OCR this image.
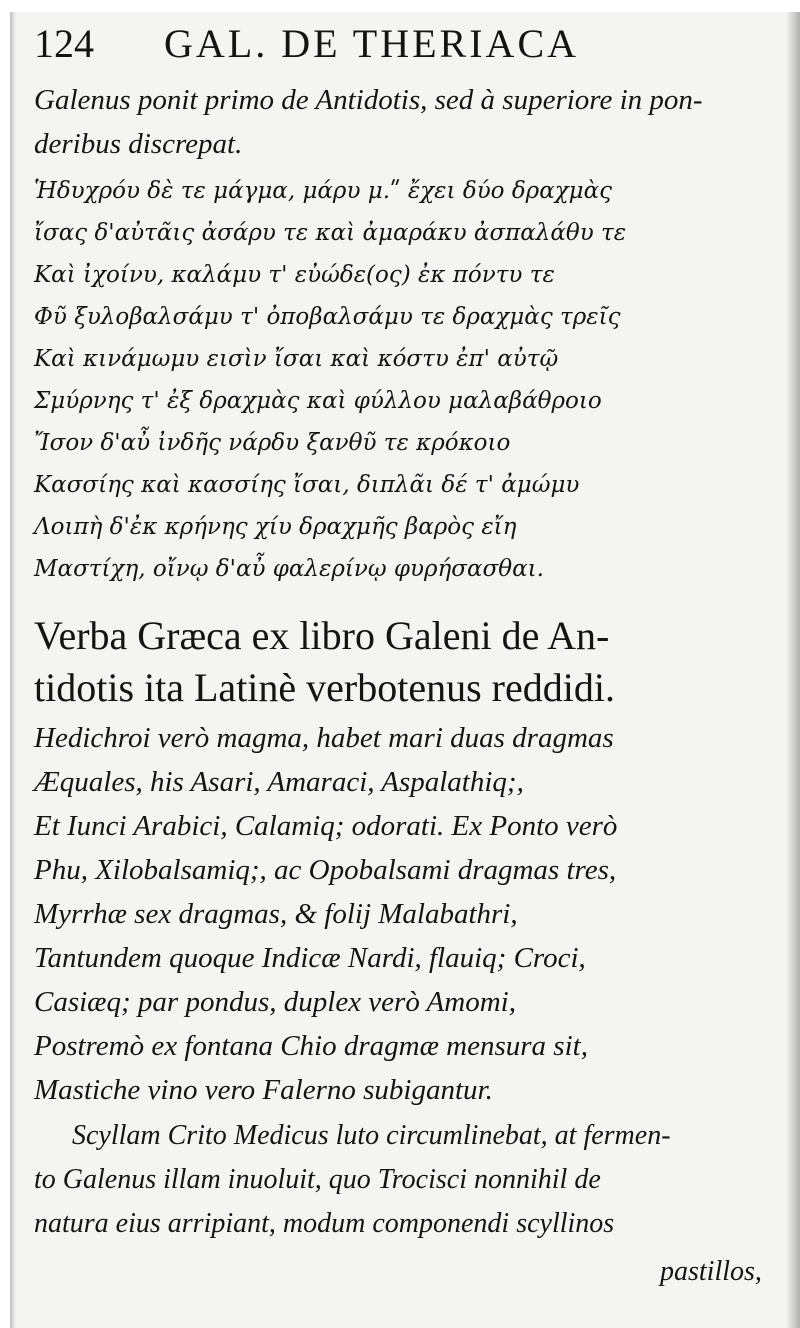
124 GAL. DE THERIACA
Galenus ponit primo de Antidotis, sed à superiore in pon-
deribus discrepat.
Ἡδυχρόυ δὲ τε μάγμα, μάρυ μ.ʺ ἔχει δύο δραχμὰς
ἴσας δ'αὐτᾶις ἀσάρυ τε καὶ ἀμαράκυ ἀσπαλάθυ τε
Καὶ ἰχοίνυ, καλάμυ τ' εὐώδε(ος) ἐκ πόντυ τε
Φῦ ξυλοβαλσάμυ τ' ὀποβαλσάμυ τε δραχμὰς τρεῖς
Καὶ κινάμωμυ εισὶν ἴσαι καὶ κόστυ ἐπ' αὐτῷ
Σμύρνης τ' ἐξ δραχμὰς καὶ φύλλου μαλαβάθροιο
Ἴσον δ'αὖ ἰνδῆς νάρδυ ξανθῦ τε κρόκοιο
Κασσίης καὶ κασσίης ἴσαι, διπλᾶι δέ τ' ἀμώμυ
Λοιπὴ δ'ἐκ κρήνης χίυ δραχμῆς βαρὸς εἴη
Μαστίχη, οἴνῳ δ'αὖ φαλερίνῳ φυρήσασθαι.
Verba Græca ex libro Galeni de An-
tidotis ita Latinè verbotenus reddidi.
Hedichroi verò magma, habet mari duas dragmas
Æquales, his Asari, Amaraci, Aspalathiq;,
Et Iunci Arabici, Calamiq; odorati. Ex Ponto verò
Phu, Xilobalsamiq;, ac Opobalsami dragmas tres,
Myrrhæ sex dragmas, & folij Malabathri,
Tantundem quoque Indicæ Nardi, flauiq; Croci,
Casiæq; par pondus, duplex verò Amomi,
Postremò ex fontana Chio dragmæ mensura sit,
Mastiche vino vero Falerno subigantur.
Scyllam Crito Medicus luto circumlinebat, at fermen-
to Galenus illam inuoluit, quo Trocisci nonnihil de
natura eius arripiant, modum componendi scyllinos
pastillos,
